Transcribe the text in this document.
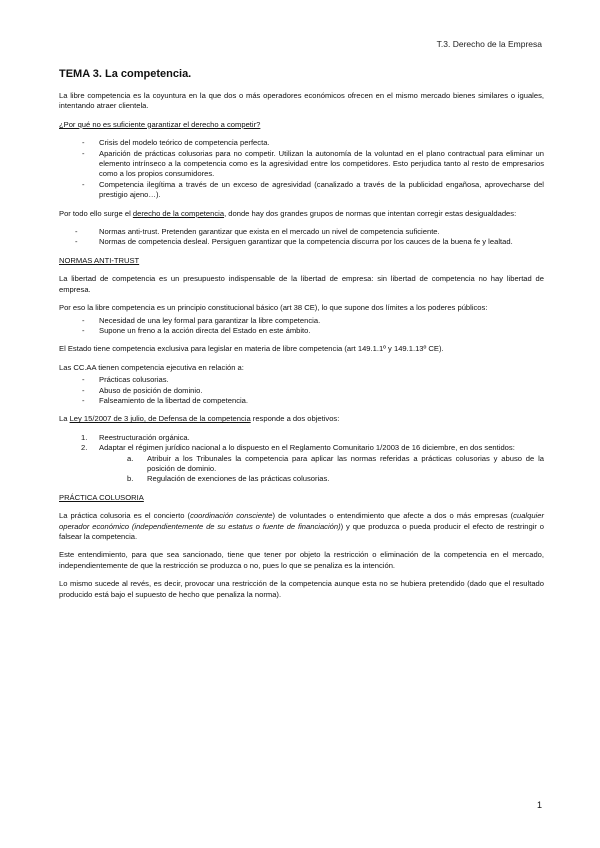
T.3. Derecho de la Empresa
TEMA 3. La competencia.

La libre competencia es la coyuntura en la que dos o más operadores económicos ofrecen en el mismo mercado bienes similares o iguales, intentando atraer clientela.

¿Por qué no es suficiente garantizar el derecho a competir?

- Crisis del modelo teórico de competencia perfecta.
- Aparición de prácticas colusorias para no competir. Utilizan la autonomía de la voluntad en el plano contractual para eliminar un elemento intrínseco a la competencia como es la agresividad entre los competidores. Esto perjudica tanto al resto de empresarios como a los propios consumidores.
- Competencia ilegítima a través de un exceso de agresividad (canalizado a través de la publicidad engañosa, aprovecharse del prestigio ajeno…).

Por todo ello surge el derecho de la competencia, donde hay dos grandes grupos de normas que intentan corregir estas desigualdades:

- Normas anti-trust. Pretenden garantizar que exista en el mercado un nivel de competencia suficiente.
- Normas de competencia desleal. Persiguen garantizar que la competencia discurra por los cauces de la buena fe y lealtad.
NORMAS ANTI-TRUST

La libertad de competencia es un presupuesto indispensable de la libertad de empresa: sin libertad de competencia no hay libertad de empresa.

Por eso la libre competencia es un principio constitucional básico (art 38 CE), lo que supone dos límites a los poderes públicos:

- Necesidad de una ley formal para garantizar la libre competencia.
- Supone un freno a la acción directa del Estado en este ámbito.

El Estado tiene competencia exclusiva para legislar en materia de libre competencia (art 149.1.1º y 149.1.13º CE).

Las CC.AA tienen competencia ejecutiva en relación a:

- Prácticas colusorias.
- Abuso de posición de dominio.
- Falseamiento de la libertad de competencia.

La Ley 15/2007 de 3 julio, de Defensa de la competencia responde a dos objetivos:

1. Reestructuración orgánica.
2. Adaptar el régimen jurídico nacional a lo dispuesto en el Reglamento Comunitario 1/2003 de 16 diciembre, en dos sentidos:
a. Atribuir a los Tribunales la competencia para aplicar las normas referidas a prácticas colusorias y abuso de la posición de dominio.
b. Regulación de exenciones de las prácticas colusorias.
PRÁCTICA COLUSORIA

La práctica colusoria es el concierto (coordinación consciente) de voluntades o entendimiento que afecte a dos o más empresas (cualquier operador económico (independientemente de su estatus o fuente de financiación)) y que produzca o pueda producir el efecto de restringir o falsear la competencia.

Este entendimiento, para que sea sancionado, tiene que tener por objeto la restricción o eliminación de la competencia en el mercado, independientemente de que la restricción se produzca o no, pues lo que se penaliza es la intención.

Lo mismo sucede al revés, es decir, provocar una restricción de la competencia aunque esta no se hubiera pretendido (dado que el resultado producido está bajo el supuesto de hecho que penaliza la norma).

1
